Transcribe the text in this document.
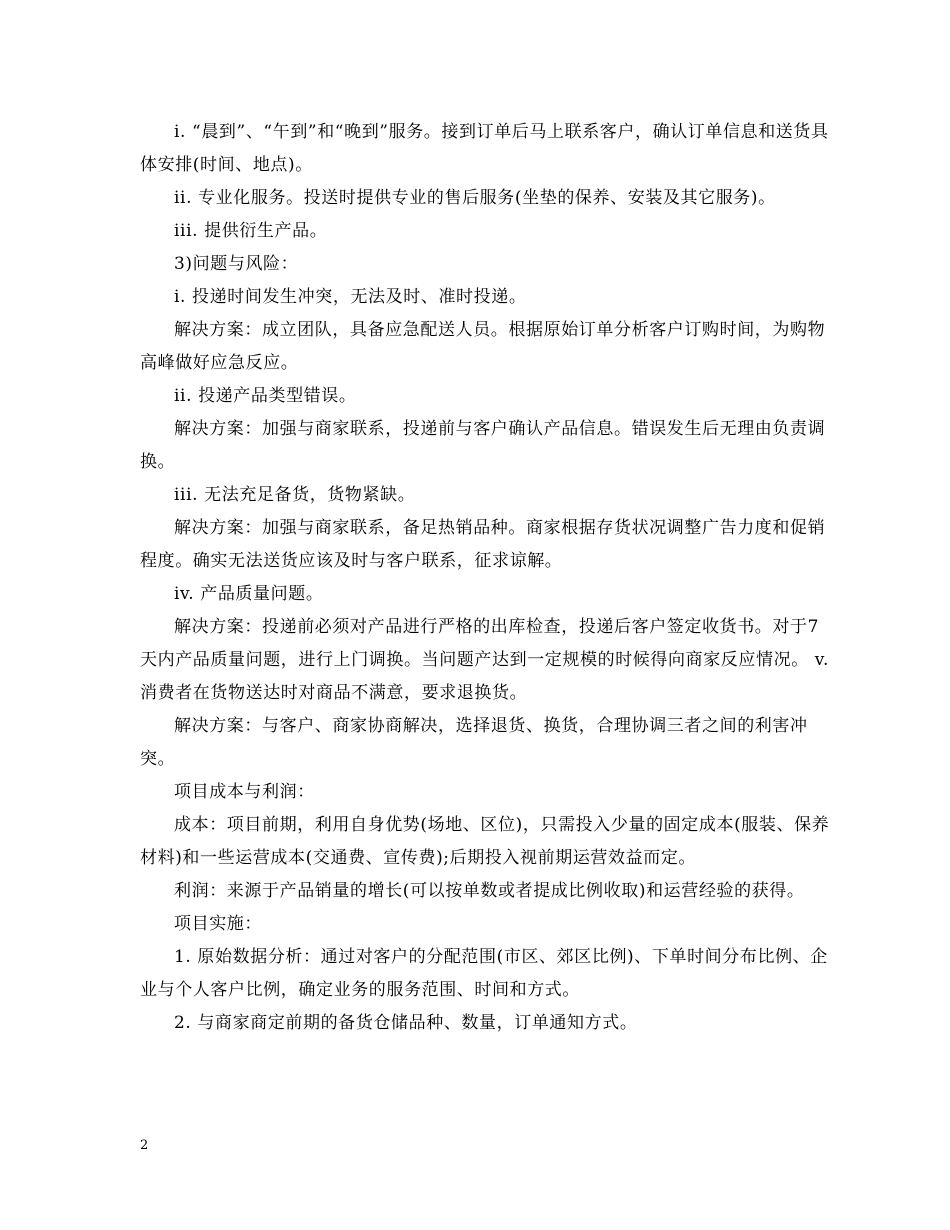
i. “晨到”、“午到”和“晚到”服务。接到订单后马上联系客户，确认订单信息和送货具体安排(时间、地点)。

ii. 专业化服务。投送时提供专业的售后服务(坐垫的保养、安装及其它服务)。

iii. 提供衍生产品。

3)问题与风险：

i. 投递时间发生冲突，无法及时、准时投递。

解决方案：成立团队，具备应急配送人员。根据原始订单分析客户订购时间，为购物高峰做好应急反应。

ii. 投递产品类型错误。

解决方案：加强与商家联系，投递前与客户确认产品信息。错误发生后无理由负责调换。

iii. 无法充足备货，货物紧缺。

解决方案：加强与商家联系，备足热销品种。商家根据存货状况调整广告力度和促销程度。确实无法送货应该及时与客户联系，征求谅解。

iv. 产品质量问题。

解决方案：投递前必须对产品进行严格的出库检查，投递后客户签定收货书。对于7天内产品质量问题，进行上门调换。当问题产达到一定规模的时候得向商家反应情况。 v. 消费者在货物送达时对商品不满意，要求退换货。

解决方案：与客户、商家协商解决，选择退货、换货，合理协调三者之间的利害冲突。

项目成本与利润：

成本：项目前期，利用自身优势(场地、区位)，只需投入少量的固定成本(服装、保养材料)和一些运营成本(交通费、宣传费);后期投入视前期运营效益而定。

利润：来源于产品销量的增长(可以按单数或者提成比例收取)和运营经验的获得。

项目实施：

1. 原始数据分析：通过对客户的分配范围(市区、郊区比例)、下单时间分布比例、企业与个人客户比例，确定业务的服务范围、时间和方式。

2. 与商家商定前期的备货仓储品种、数量，订单通知方式。

2
